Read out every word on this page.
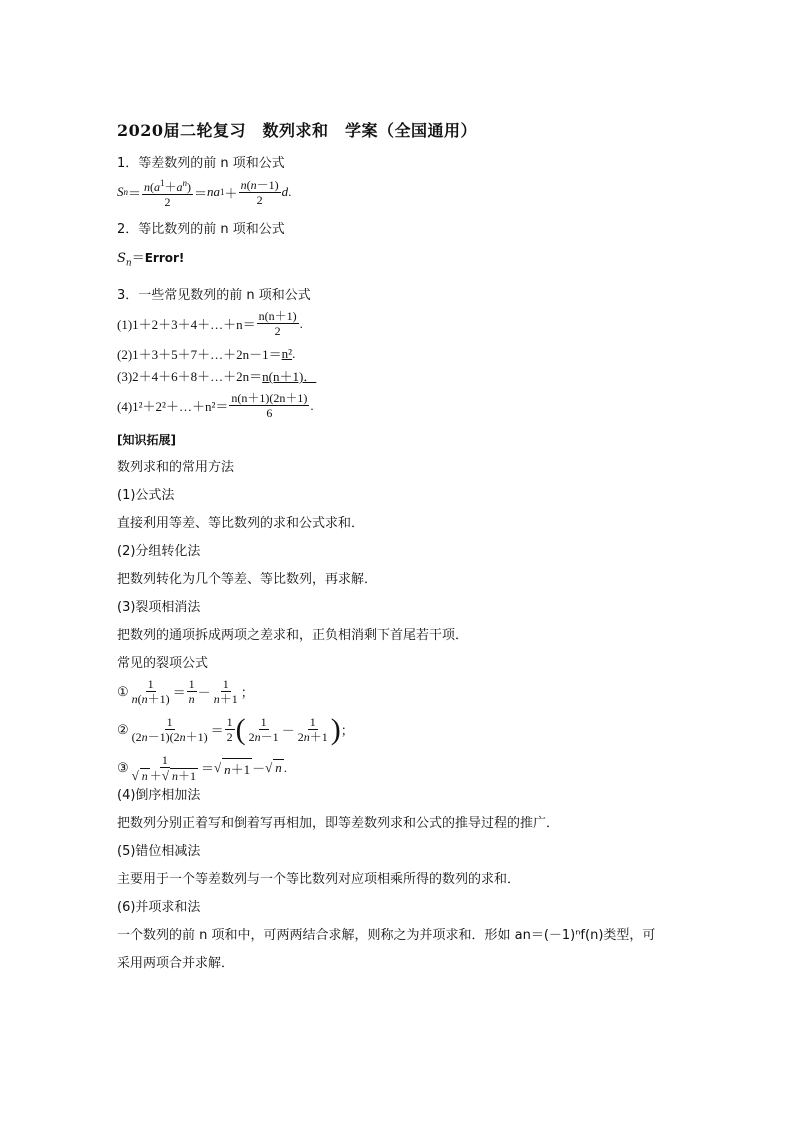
2020届二轮复习　数列求和　学案（全国通用）

1．等差数列的前 n 项和公式

S $n = \frac{n(a^1+a^n)}{2}$ ＝ na $1 + \frac{n(n-1)}{2}$ d .

2．等比数列的前 n 项和公式

$S_n=Error$!

3．一些常见数列的前 n 项和公式

(1)1＋2＋3＋4＋…＋n＝ $\frac{n(n+1)}{2}$ .
(2)1＋3＋5＋7＋…＋2n－1＝ n² .
(3)2＋4＋6＋8＋…＋2n＝ n(n＋1)．
(4)1²＋2²＋…＋n²＝ $\frac{n(n+1)(2n+1)}{6}$ .

[知识拓展]

数列求和的常用方法

(1)公式法

直接利用等差、等比数列的求和公式求和．

(2)分组转化法

把数列转化为几个等差、等比数列，再求解．

(3)裂项相消法

把数列的通项拆成两项之差求和，正负相消剩下首尾若干项．

常见的裂项公式

① $\frac{1}{n(n+1)} = \frac{1}{n} - \frac{1}{n+1}$ ；
② $\frac{1}{(2n-1)(2n+1)} = \frac{1}{2}$ ( $\frac{1}{2n-1} - \frac{1}{2n+1}$ ) ；
③ $\frac{1}{√ n +√ n+1}$ ＝ √ n＋1 － √ n .

(4)倒序相加法

把数列分别正着写和倒着写再相加，即等差数列求和公式的推导过程的推广．

(5)错位相减法

主要用于一个等差数列与一个等比数列对应项相乘所得的数列的求和．

(6)并项求和法

一个数列的前 n 项和中，可两两结合求解，则称之为并项求和．形如 an＝(－1)ⁿf(n)类型，可

采用两项合并求解．
